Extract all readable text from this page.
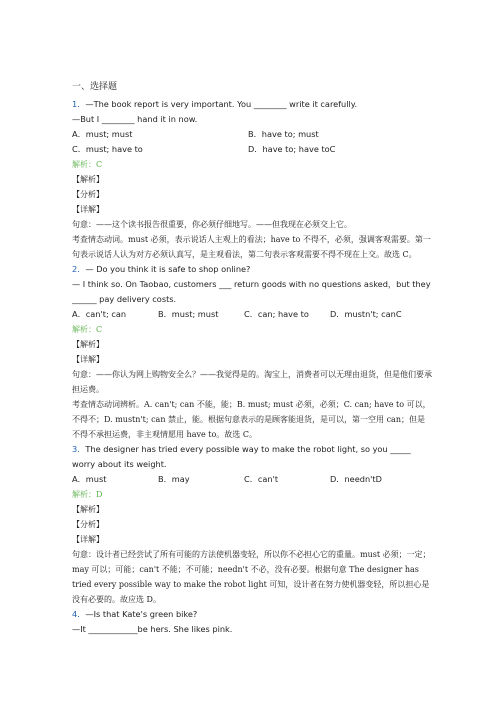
一、选择题

1．—The book report is very important. You ________ write it carefully.

—But I ________ hand it in now.

A．must; must	B．have to; must
C．must; have to	D．have to; have toC

解析：C

【解析】

【分析】

【详解】

句意：——这个读书报告很重要，你必须仔细地写。——但我现在必须交上它。

考查情态动词。must 必须，表示说话人主观上的看法；have to 不得不，必须，强调客观需要。第一句表示说话人认为对方必须认真写，是主观看法，第二句表示客观需要不得不现在上交。故选 C。

2．— Do you think it is safe to shop online?

— I think so. On Taobao, customers ___ return goods with no questions asked，but they ______ pay delivery costs.

A．can't; can	B．must; must	C．can; have to	D．mustn't; canC

解析：C

【解析】

【详解】

句意：——你认为网上购物安全么？——我觉得是的。淘宝上，消费者可以无理由退货，但是他们要承担运费。

考查情态动词辨析。A. can't; can 不能，能；B. must; must 必须，必须；C. can; have to 可以，不得不；D. mustn't; can 禁止，能。根据句意表示的是顾客能退货，是可以，第一空用 can；但是不得不承担运费，非主观情愿用 have to。故选 C。

3．The designer has tried every possible way to make the robot light, so you _____ worry about its weight.

A．must	B．may	C．can't	D．needn'tD

解析：D

【解析】

【分析】

【详解】

句意：设计者已经尝试了所有可能的方法使机器变轻，所以你不必担心它的重量。must 必须；一定；may 可以；可能；can't 不能；不可能；needn't 不必，没有必要。根据句意 The designer has tried every possible way to make the robot light 可知，设计者在努力使机器变轻，所以担心是没有必要的。故应选 D。

4．—Is that Kate's green bike?

—It ____________be hers. She likes pink.
